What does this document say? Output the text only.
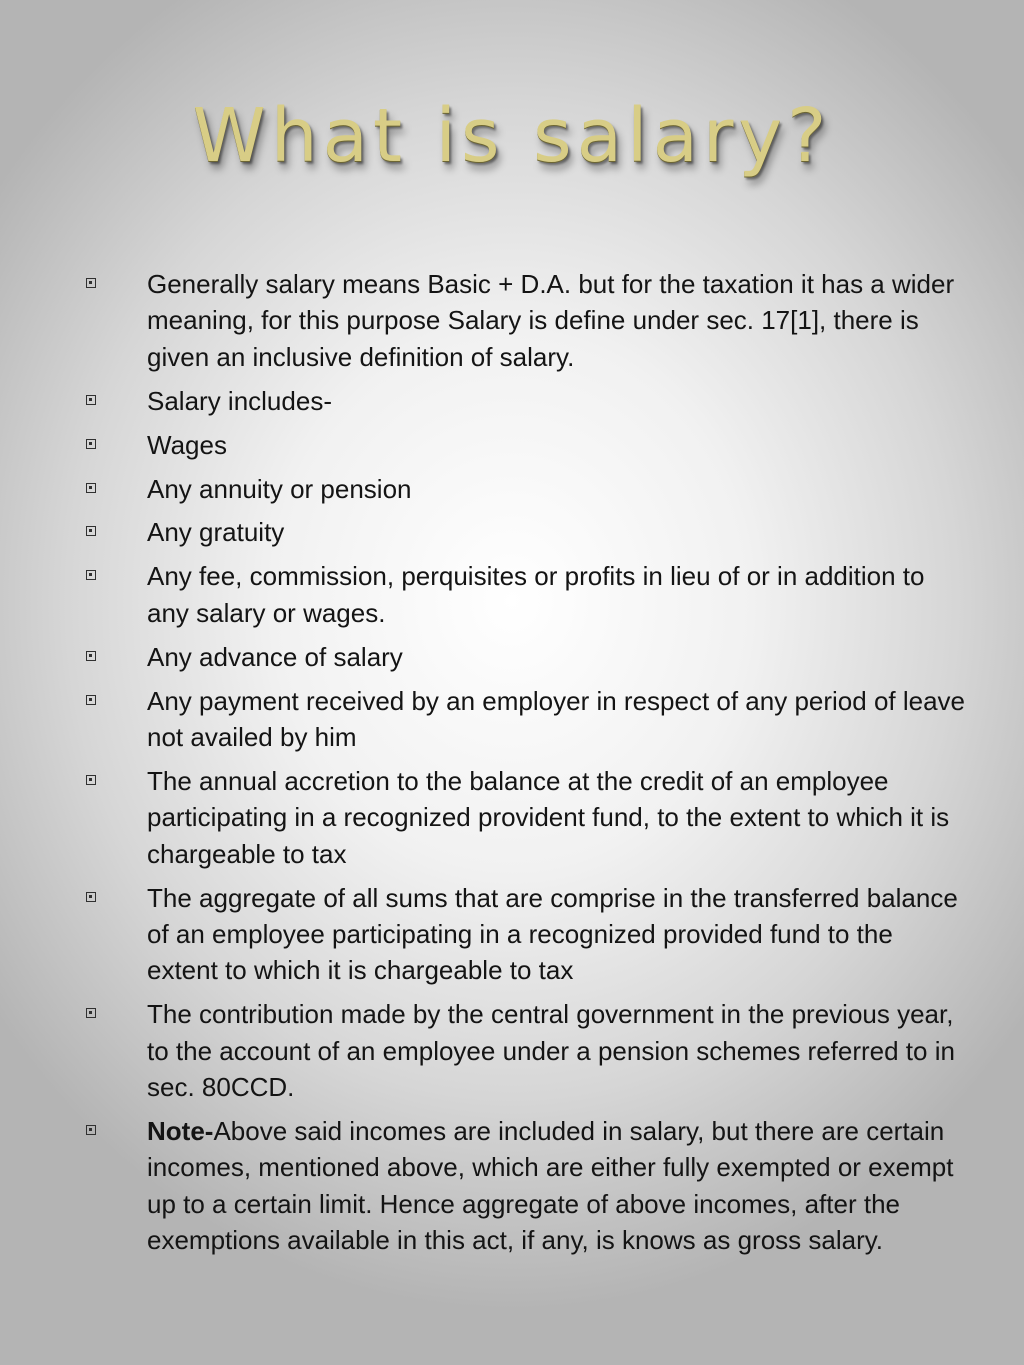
What is salary?
Generally salary means Basic + D.A. but for the taxation it has a wider meaning, for this purpose Salary is define under sec. 17[1], there is given an inclusive definition of salary.
Salary includes-
Wages
Any annuity or pension
Any gratuity
Any fee, commission, perquisites or profits in lieu of or in addition to any salary or wages.
Any advance of salary
Any payment received by an employer in respect of any period of leave not availed by him
The annual accretion to the balance at the credit of an employee participating in a recognized provident fund, to the extent to which it is chargeable to tax
The aggregate of all sums that are comprise in the transferred balance of an employee participating in a recognized provided fund to the extent to which it is chargeable to tax
The contribution made by the central government in the previous year, to the account of an employee under a pension schemes referred to in sec. 80CCD.
Note-Above said incomes are included in salary, but there are certain incomes, mentioned above, which are either fully exempted or exempt up to a certain limit. Hence aggregate of above incomes, after the exemptions available in this act, if any, is knows as gross salary.
